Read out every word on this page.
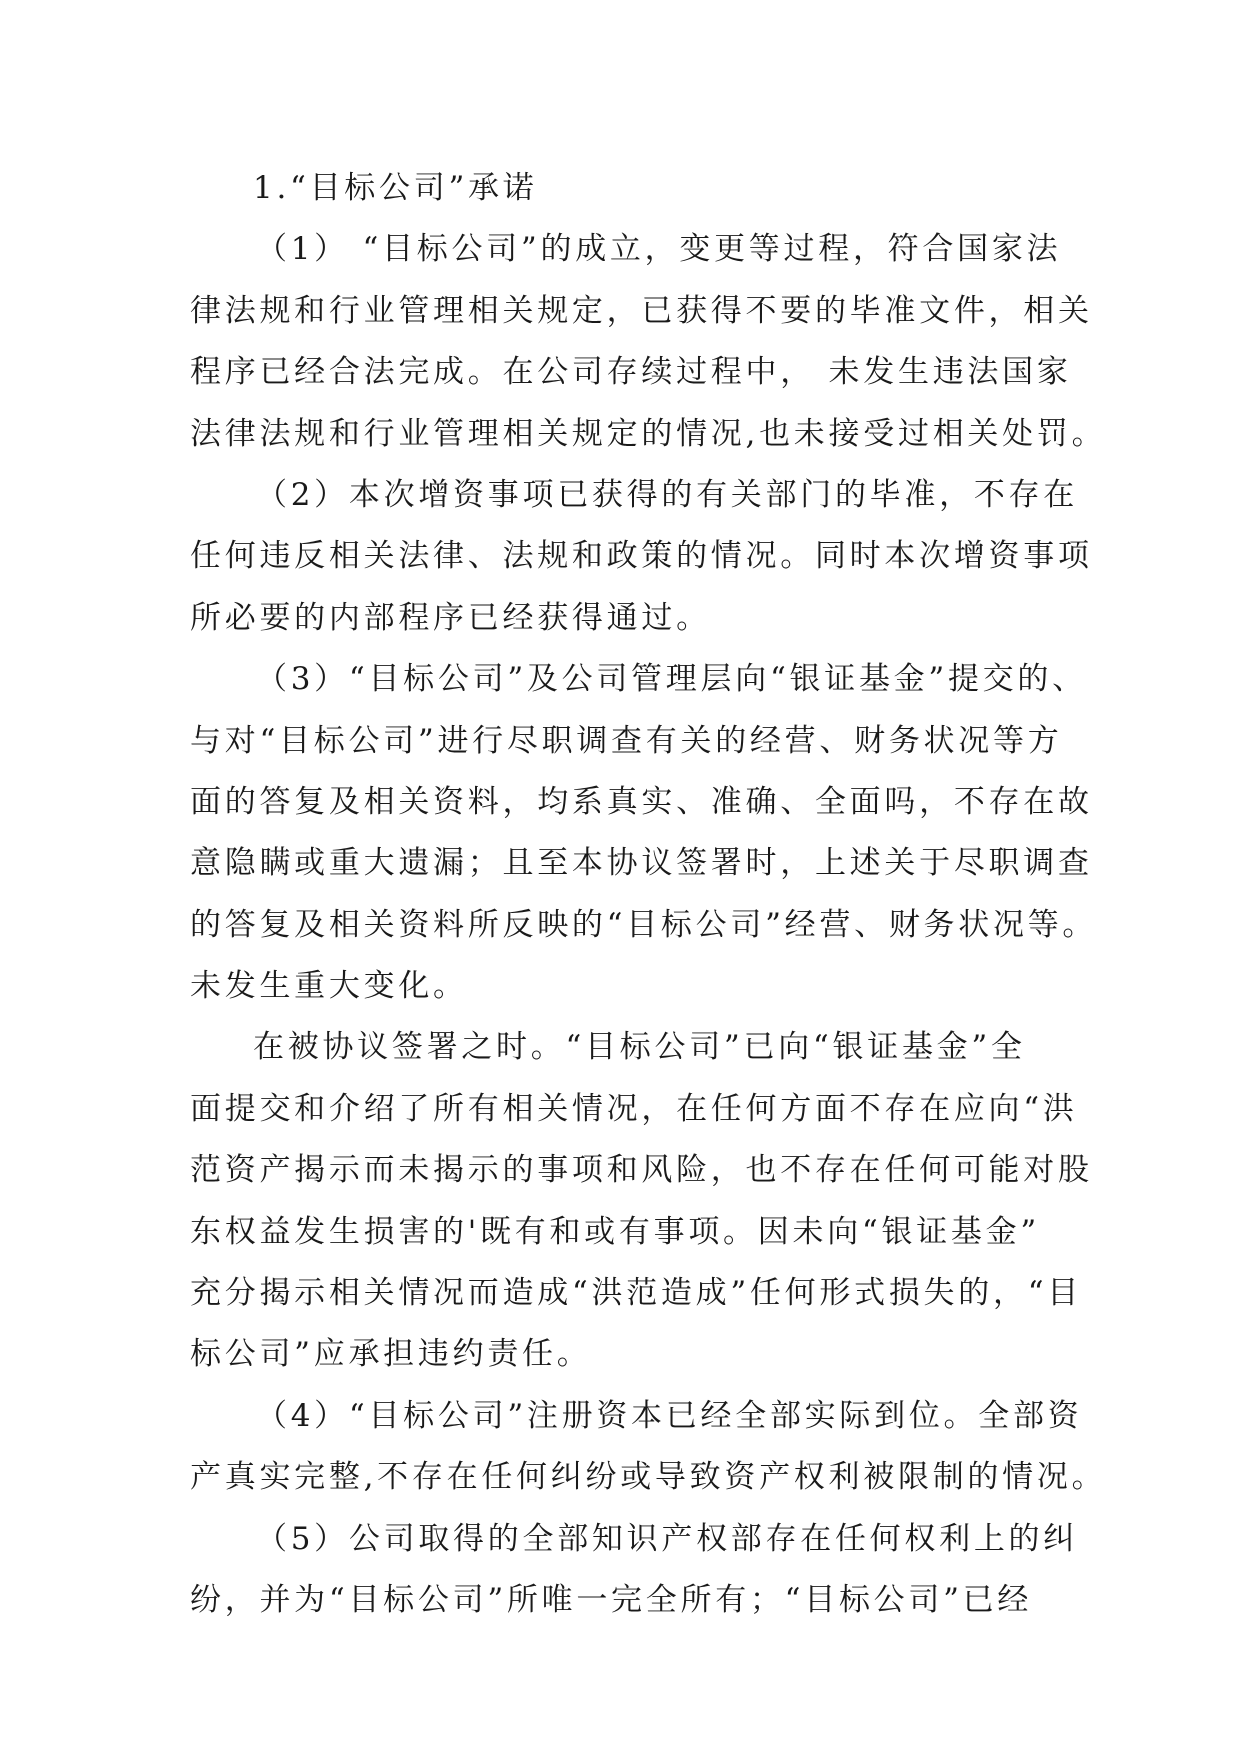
1.“目标公司”承诺
（1） “目标公司”的成立，变更等过程，符合国家法
律法规和行业管理相关规定，已获得不要的毕准文件，相关
程序已经合法完成。在公司存续过程中， 未发生违法国家
法律法规和行业管理相关规定的情况,也未接受过相关处罚。
（2）本次增资事项已获得的有关部门的毕准，不存在
任何违反相关法律、法规和政策的情况。同时本次增资事项
所必要的内部程序已经获得通过。
（3）“目标公司”及公司管理层向“银证基金”提交的、
与对“目标公司”进行尽职调查有关的经营、财务状况等方
面的答复及相关资料，均系真实、准确、全面吗，不存在故
意隐瞒或重大遗漏；且至本协议签署时，上述关于尽职调查
的答复及相关资料所反映的“目标公司”经营、财务状况等。
未发生重大变化。
在被协议签署之时。“目标公司”已向“银证基金”全
面提交和介绍了所有相关情况，在任何方面不存在应向“洪
范资产揭示而未揭示的事项和风险，也不存在任何可能对股
东权益发生损害的'既有和或有事项。因未向“银证基金”
充分揭示相关情况而造成“洪范造成”任何形式损失的，“目
标公司”应承担违约责任。
（4）“目标公司”注册资本已经全部实际到位。全部资
产真实完整,不存在任何纠纷或导致资产权利被限制的情况。
（5）公司取得的全部知识产权部存在任何权利上的纠
纷，并为“目标公司”所唯一完全所有；“目标公司”已经
